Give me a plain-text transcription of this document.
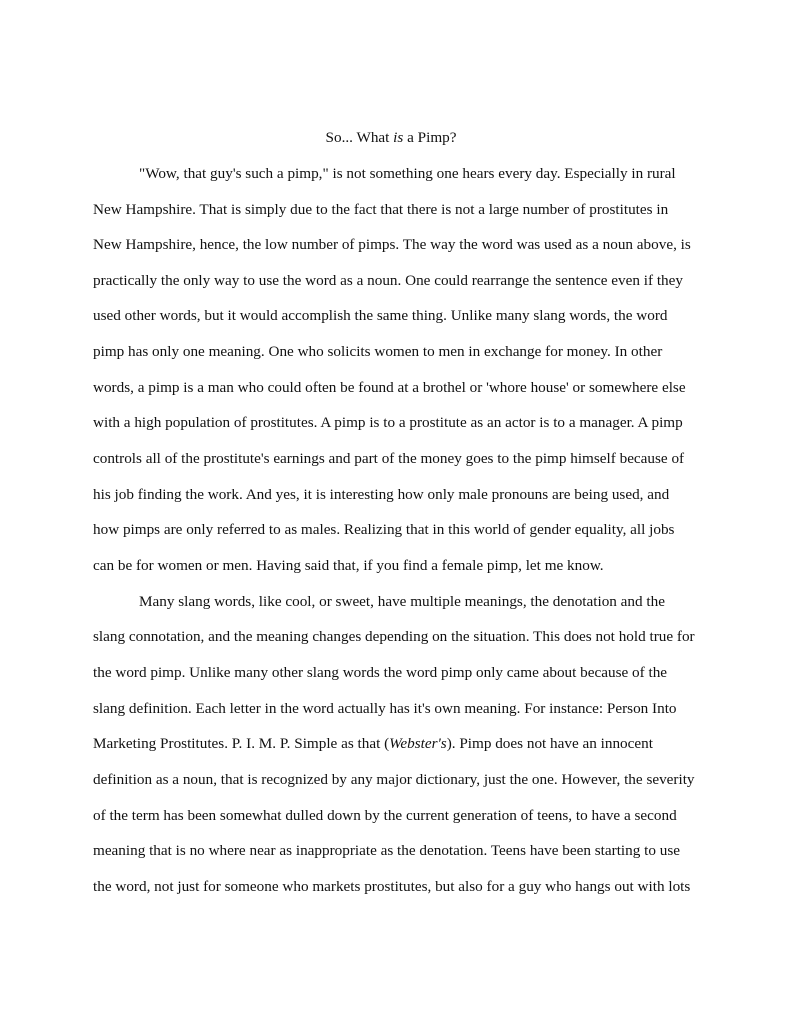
So... What is a Pimp?
"Wow, that guy's such a pimp," is not something one hears every day. Especially in rural
New Hampshire. That is simply due to the fact that there is not a large number of prostitutes in
New Hampshire, hence, the low number of pimps. The way the word was used as a noun above, is
practically the only way to use the word as a noun. One could rearrange the sentence even if they
used other words, but it would accomplish the same thing. Unlike many slang words, the word
pimp has only one meaning. One who solicits women to men in exchange for money. In other
words, a pimp is a man who could often be found at a brothel or 'whore house' or somewhere else
with a high population of prostitutes. A pimp is to a prostitute as an actor is to a manager. A pimp
controls all of the prostitute's earnings and part of the money goes to the pimp himself because of
his job finding the work. And yes, it is interesting how only male pronouns are being used, and
how pimps are only referred to as males. Realizing that in this world of gender equality, all jobs
can be for women or men. Having said that, if you find a female pimp, let me know.
Many slang words, like cool, or sweet, have multiple meanings, the denotation and the
slang connotation, and the meaning changes depending on the situation. This does not hold true for
the word pimp. Unlike many other slang words the word pimp only came about because of the
slang definition. Each letter in the word actually has it's own meaning. For instance: Person Into
Marketing Prostitutes. P. I. M. P. Simple as that (Webster's). Pimp does not have an innocent
definition as a noun, that is recognized by any major dictionary, just the one. However, the severity
of the term has been somewhat dulled down by the current generation of teens, to have a second
meaning that is no where near as inappropriate as the denotation. Teens have been starting to use
the word, not just for someone who markets prostitutes, but also for a guy who hangs out with lots
